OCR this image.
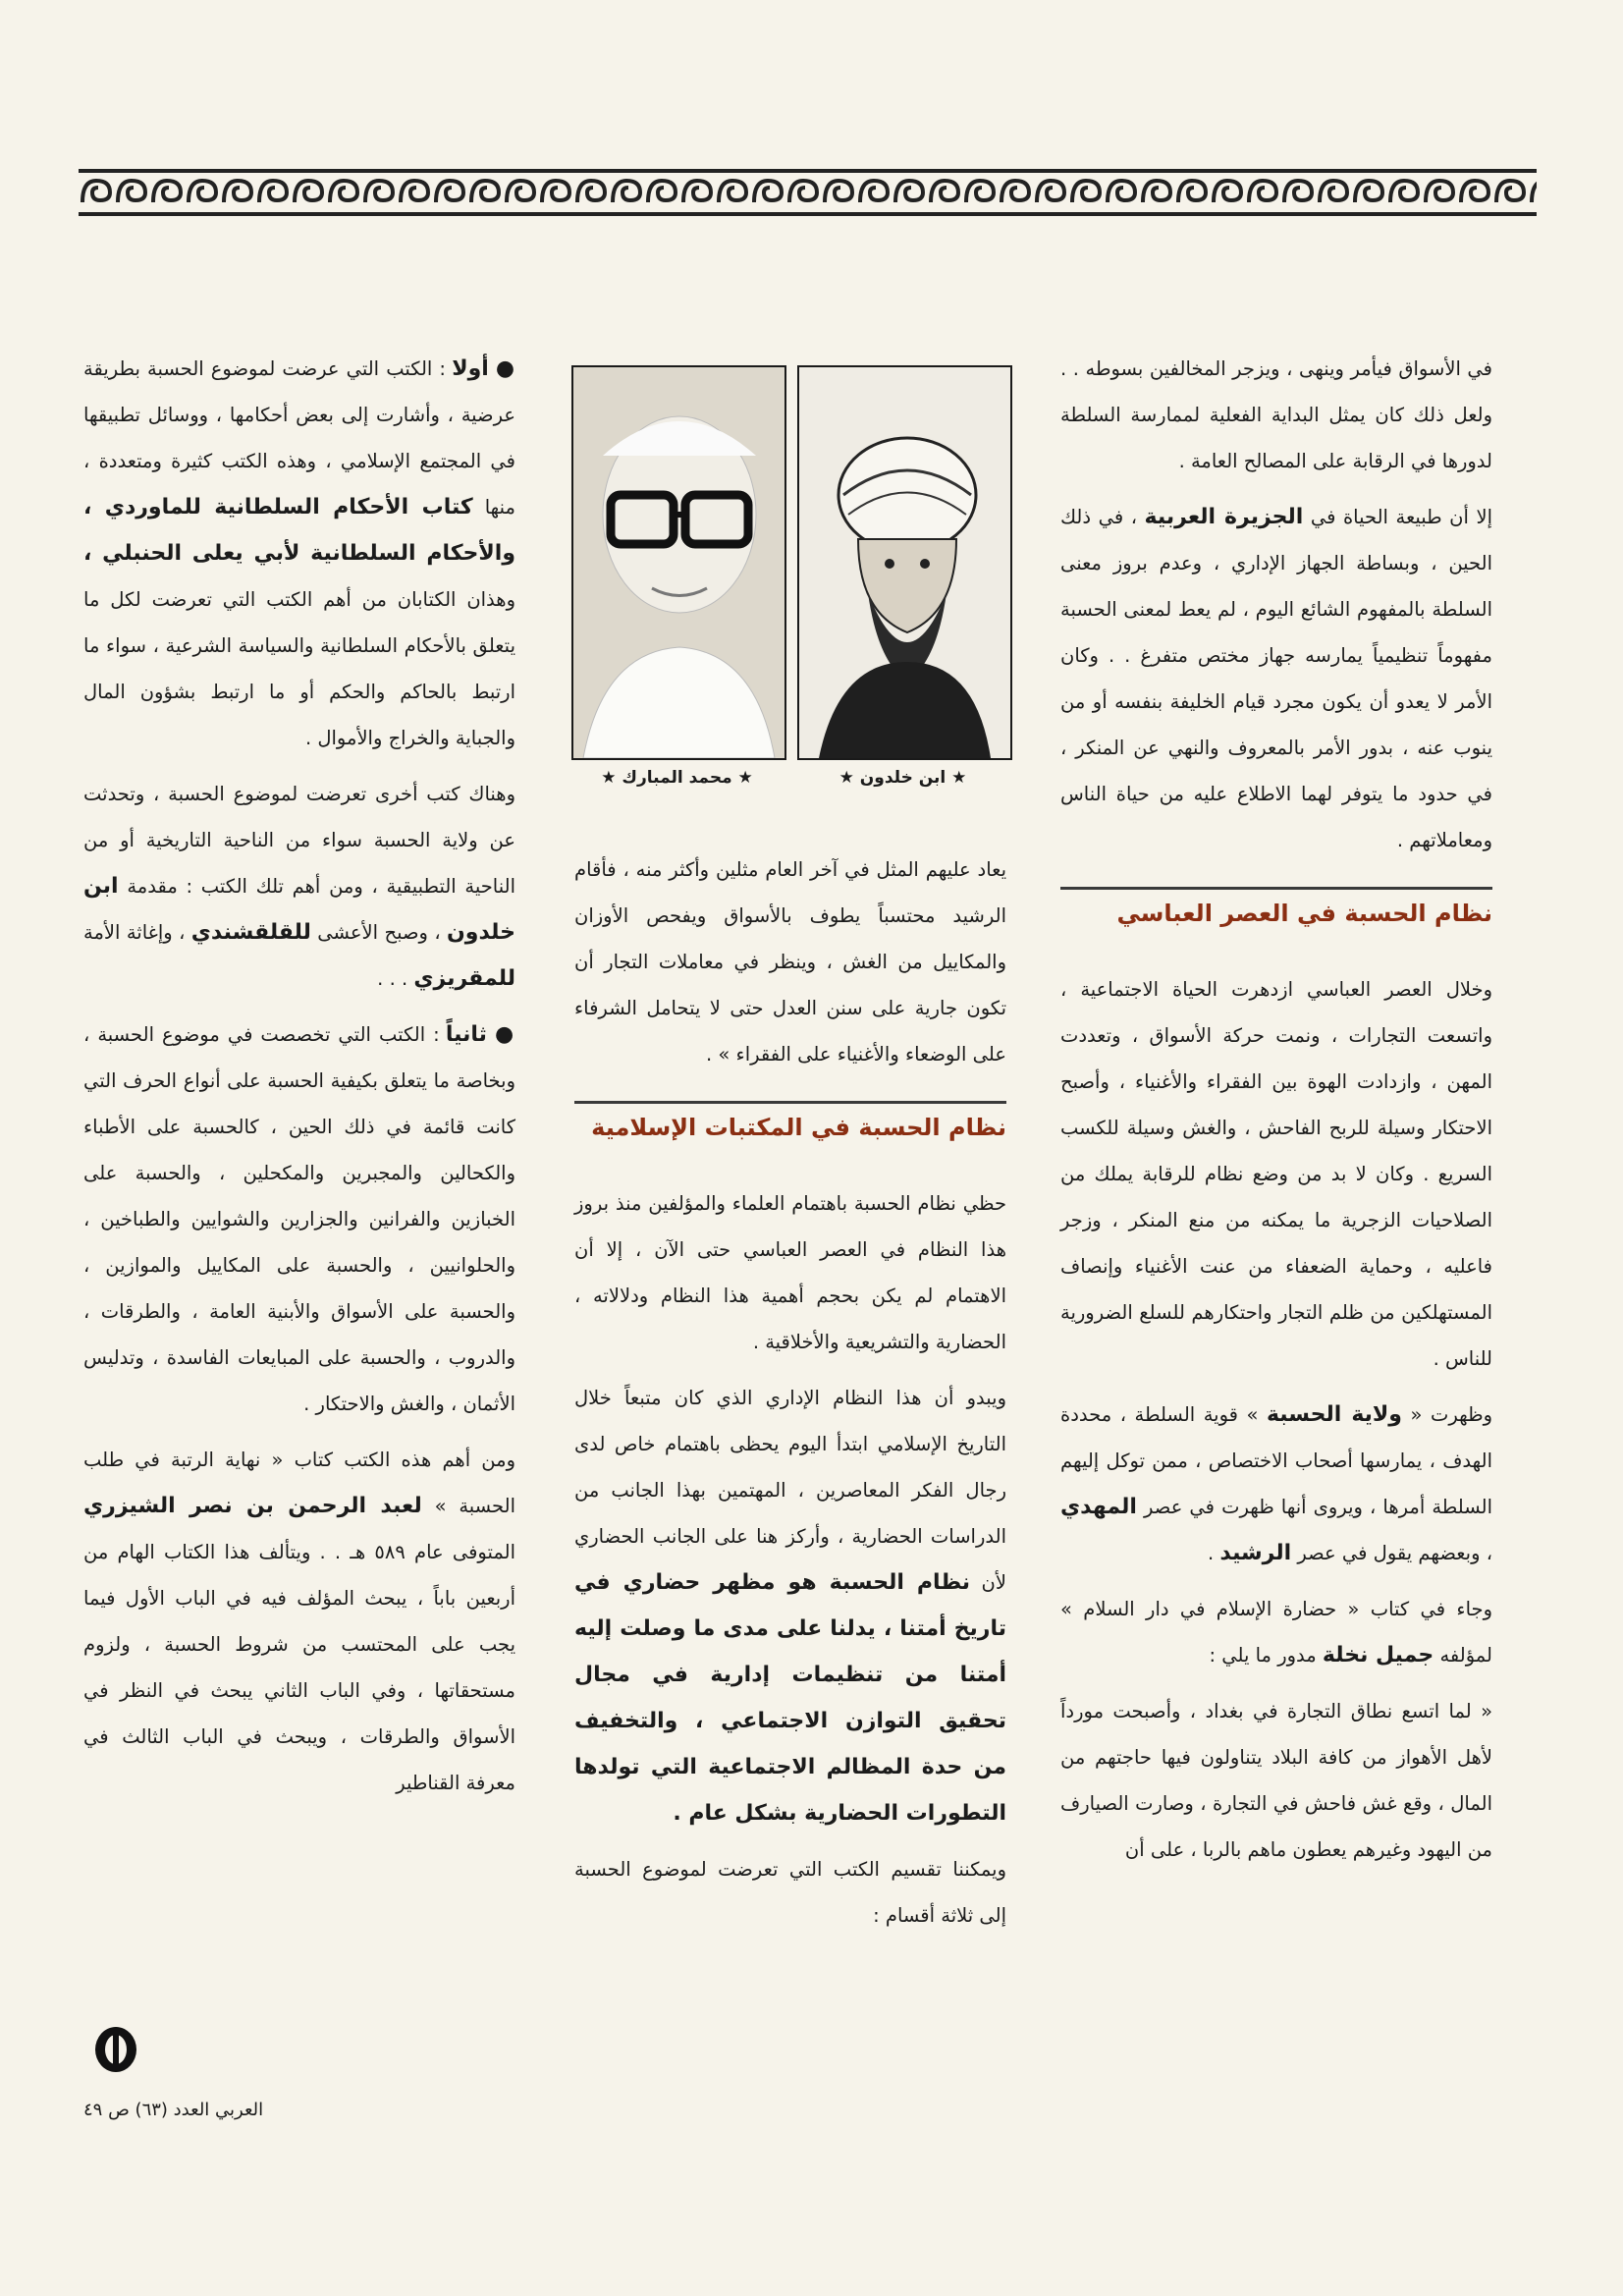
في الأسواق فيأمر وينهى ، ويزجر المخالفين بسوطه . . ولعل ذلك كان يمثل البداية الفعلية لممارسة السلطة لدورها في الرقابة على المصالح العامة .

إلا أن طبيعة الحياة في الجزيرة العربية ، في ذلك الحين ، وبساطة الجهاز الإداري ، وعدم بروز معنى السلطة بالمفهوم الشائع اليوم ، لم يعط لمعنى الحسبة مفهوماً تنظيمياً يمارسه جهاز مختص متفرغ . . وكان الأمر لا يعدو أن يكون مجرد قيام الخليفة بنفسه أو من ينوب عنه ، بدور الأمر بالمعروف والنهي عن المنكر ، في حدود ما يتوفر لهما الاطلاع عليه من حياة الناس ومعاملاتهم .

نظام الحسبة في العصر العباسي

وخلال العصر العباسي ازدهرت الحياة الاجتماعية ، واتسعت التجارات ، ونمت حركة الأسواق ، وتعددت المهن ، وازدادت الهوة بين الفقراء والأغنياء ، وأصبح الاحتكار وسيلة للربح الفاحش ، والغش وسيلة للكسب السريع . وكان لا بد من وضع نظام للرقابة يملك من الصلاحيات الزجرية ما يمكنه من منع المنكر ، وزجر فاعليه ، وحماية الضعفاء من عنت الأغنياء وإنصاف المستهلكين من ظلم التجار واحتكارهم للسلع الضرورية للناس .

وظهرت « ولاية الحسبة » قوية السلطة ، محددة الهدف ، يمارسها أصحاب الاختصاص ، ممن توكل إليهم السلطة أمرها ، ويروى أنها ظهرت في عصر المهدي ، وبعضهم يقول في عصر الرشيد .

وجاء في كتاب « حضارة الإسلام في دار السلام » لمؤلفه جميل نخلة مدور ما يلي :

« لما اتسع نطاق التجارة في بغداد ، وأصبحت مورداً لأهل الأهواز من كافة البلاد يتناولون فيها حاجتهم من المال ، وقع غش فاحش في التجارة ، وصارت الصيارف من اليهود وغيرهم يعطون ماهم بالربا ، على أن

★ محمد المبارك ★	★ ابن خلدون ★

يعاد عليهم المثل في آخر العام مثلين وأكثر منه ، فأقام الرشيد محتسباً يطوف بالأسواق ويفحص الأوزان والمكاييل من الغش ، وينظر في معاملات التجار أن تكون جارية على سنن العدل حتى لا يتحامل الشرفاء على الوضعاء والأغنياء على الفقراء » .

نظام الحسبة في المكتبات الإسلامية

حظي نظام الحسبة باهتمام العلماء والمؤلفين منذ بروز هذا النظام في العصر العباسي حتى الآن ، إلا أن الاهتمام لم يكن بحجم أهمية هذا النظام ودلالاته ، الحضارية والتشريعية والأخلاقية .

ويبدو أن هذا النظام الإداري الذي كان متبعاً خلال التاريخ الإسلامي ابتدأ اليوم يحظى باهتمام خاص لدى رجال الفكر المعاصرين ، المهتمين بهذا الجانب من الدراسات الحضارية ، وأركز هنا على الجانب الحضاري لأن نظام الحسبة هو مظهر حضاري في تاريخ أمتنا ، يدلنا على مدى ما وصلت إليه أمتنا من تنظيمات إدارية في مجال تحقيق التوازن الاجتماعي ، والتخفيف من حدة المظالم الاجتماعية التي تولدها التطورات الحضارية بشكل عام .

ويمكننا تقسيم الكتب التي تعرضت لموضوع الحسبة إلى ثلاثة أقسام :

● أولا : الكتب التي عرضت لموضوع الحسبة بطريقة عرضية ، وأشارت إلى بعض أحكامها ، ووسائل تطبيقها في المجتمع الإسلامي ، وهذه الكتب كثيرة ومتعددة ، منها كتاب الأحكام السلطانية للماوردي ، والأحكام السلطانية لأبي يعلى الحنبلي ، وهذان الكتابان من أهم الكتب التي تعرضت لكل ما يتعلق بالأحكام السلطانية والسياسة الشرعية ، سواء ما ارتبط بالحاكم والحكم أو ما ارتبط بشؤون المال والجباية والخراج والأموال .

وهناك كتب أخرى تعرضت لموضوع الحسبة ، وتحدثت عن ولاية الحسبة سواء من الناحية التاريخية أو من الناحية التطبيقية ، ومن أهم تلك الكتب : مقدمة ابن خلدون ، وصبح الأعشى للقلقشندي ، وإغاثة الأمة للمقريزي . . .

● ثانياً : الكتب التي تخصصت في موضوع الحسبة ، وبخاصة ما يتعلق بكيفية الحسبة على أنواع الحرف التي كانت قائمة في ذلك الحين ، كالحسبة على الأطباء والكحالين والمجبرين والمكحلين ، والحسبة على الخبازين والفرانين والجزارين والشوايين والطباخين ، والحلوانيين ، والحسبة على المكاييل والموازين ، والحسبة على الأسواق والأبنية العامة ، والطرقات ، والدروب ، والحسبة على المبايعات الفاسدة ، وتدليس الأثمان ، والغش والاحتكار .

ومن أهم هذه الكتب كتاب « نهاية الرتبة في طلب الحسبة » لعبد الرحمن بن نصر الشيزري المتوفى عام ٥٨٩ هـ . . ويتألف هذا الكتاب الهام من أربعين باباً ، يبحث المؤلف فيه في الباب الأول فيما يجب على المحتسب من شروط الحسبة ، ولزوم مستحقاتها ، وفي الباب الثاني يبحث في النظر في الأسواق والطرقات ، ويبحث في الباب الثالث في معرفة القناطير

العربي العدد (٦٣) ص ٤٩
